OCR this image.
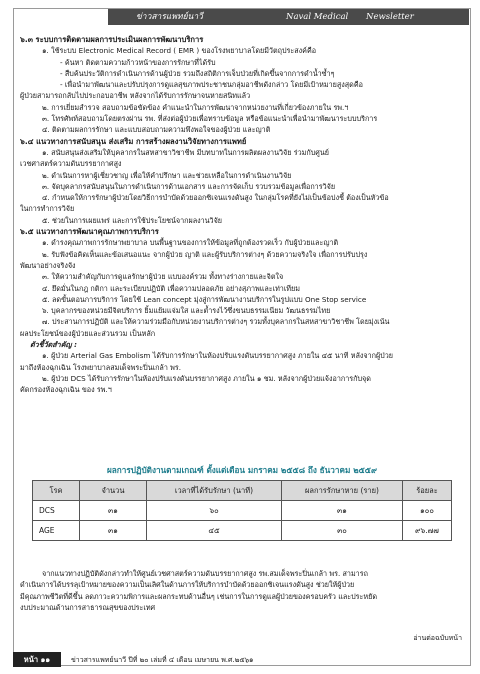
ข่าวสารแพทย์นาวี	Naval Medical Newsletter
๖.๓ ระบบการติดตามผลการประเมินผลการพัฒนาบริการ
๑. ใช้ระบบ Electronic Medical Record ( EMR ) ของโรงพยาบาลโดยมีวัตถุประสงค์คือ
- ค้นหา ติดตามความก้าวหน้าของการรักษาที่ได้รับ
- สืบค้นประวัติการดำเนินการด้านผู้ป่วย รวมถึงสถิติการเจ็บป่วยที่เกิดขึ้นจากการดำน้ำซ้ำๆ
- เพื่อนำมาพัฒนาและปรับปรุงการดูแลสุขภาพประชาชนกลุ่มอาชีพดังกล่าว โดยมีเป้าหมายสูงสุดคือ
ผู้ป่วยสามารถกลับไปประกอบอาชีพ หลังจากได้รับการรักษาจนหายสนิทแล้ว
๒. การเยี่ยมสำรวจ สอบถามข้อขัดข้อง คำแนะนำในการพัฒนาจากหน่วยงานที่เกี่ยวข้องภายใน รพ.ฯ
๓. โทรศัพท์สอบถามโดยตรงผ่าน รพ. ที่ส่งต่อผู้ป่วยเพื่อทราบข้อมูล หรือข้อแนะนำเพื่อนำมาพัฒนาระบบบริการ
๔. ติดตามผลการรักษา และแบบสอบถามความพึงพอใจของผู้ป่วย และญาติ
๖.๔ แนวทางการสนับสนุน ส่งเสริม การสร้างผลงานวิจัยทางการแพทย์
๑. สนับสนุนส่งเสริมให้บุคลากรในสหสาขาวิชาชีพ มีบทบาทในการผลิตผลงานวิจัย ร่วมกับศูนย์
เวชศาสตร์ความดันบรรยากาศสูง
๒. ดำเนินการหาผู้เชี่ยวชาญ เพื่อให้คำปรึกษา และช่วยเหลือในการดำเนินงานวิจัย
๓. จัดบุคลากรสนับสนุนในการดำเนินการด้านเอกสาร และการจัดเก็บ รวบรวมข้อมูลเพื่อการวิจัย
๔. กำหนดให้การรักษาผู้ป่วยโดยวิธีการบำบัดด้วยออกซิเจนแรงดันสูง ในกลุ่มโรคที่ยังไม่เป็นข้อบ่งชี้ ต้องเป็นหัวข้อ
ในการทำการวิจัย
๕. ช่วยในการเผยแพร่ และการใช้ประโยชน์จากผลงานวิจัย
๖.๕ แนวทางการพัฒนาคุณภาพการบริการ
๑. ดำรงคุณภาพการรักษาพยาบาล บนพื้นฐานของการให้ข้อมูลที่ถูกต้องรวดเร็ว กับผู้ป่วยและญาติ
๒. รับฟังข้อคิดเห็นและข้อเสนอแนะ จากผู้ป่วย ญาติ และผู้รับบริการต่างๆ ด้วยความจริงใจ เพื่อการปรับปรุง
พัฒนาอย่างจริงจัง
๓. ให้ความสำคัญกับการดูแลรักษาผู้ป่วย แบบองค์รวม ทั้งทางร่างกายและจิตใจ
๔. ยึดมั่นในกฎ กติกา และระเบียบปฏิบัติ เพื่อความปลอดภัย อย่างสุภาพและเท่าเทียม
๕. ลดขั้นตอนการบริการ โดยใช้ Lean concept มุ่งสู่การพัฒนางานบริการในรูปแบบ One Stop service
๖. บุคลากรของหน่วยมีจิตบริการ ยิ้มแย้มแจ่มใส และต้ำรงไว้ซึ่งขนบธรรมเนียม วัฒนธรรมไทย
๗. ประสานการปฏิบัติ และให้ความร่วมมือกับหน่วยงานบริการต่างๆ รวมทั้งบุคลากรในสหสาขาวิชาชีพ โดยมุ่งเน้น
ผลประโยชน์ของผู้ป่วยและส่วนรวม เป็นหลัก
ตัวชี้วัดสำคัญ :
๑. ผู้ป่วย Arterial Gas Embolism ได้รับการรักษาในห้องปรับแรงดันบรรยากาศสูง ภายใน ๔๕ นาที หลังจากผู้ป่วย
มาถึงห้องฉุกเฉิน โรงพยาบาลสมเด็จพระปิ่นเกล้า พร.
๒. ผู้ป่วย DCS ได้รับการรักษาในห้องปรับแรงดันบรรยากาศสูง ภายใน ๑ ชม. หลังจากผู้ป่วยแจ้งอาการกับจุด
คัดกรองห้องฉุกเฉิน ของ รพ.ฯ
ผลการปฏิบัติงานตามเกณฑ์ ตั้งแต่เดือน มกราคม ๒๕๕๘ ถึง ธันวาคม ๒๕๕๙
โรค	จำนวน	เวลาที่ได้รับรักษา (นาที)	ผลการรักษาหาย (ราย)	ร้อยละ
DCS	๓๑	๖๐	๓๑	๑๐๐
AGE	๓๑	๔๕	๓๐	๙๖.๗๗
จากแนวทางปฏิบัติดังกล่าวทำให้ศูนย์เวชศาสตร์ความดันบรรยากาศสูง รพ.สมเด็จพระปิ่นเกล้า พร. สามารถ
ดำเนินการได้บรรลุเป้าหมายของความเป็นเลิศในด้านการให้บริการบำบัดด้วยออกซิเจนแรงดันสูง ช่วยให้ผู้ป่วย
มีคุณภาพชีวิตที่ดีขึ้น ลดภาวะความพิการและผลกระทบด้านอื่นๆ เช่นการในการดูแลผู้ป่วยของครอบครัว และประหยัด
งบประมาณด้านการสาธารณสุขของประเทศ
อ่านต่อฉบับหน้า
หน้า ๑๑	ข่าวสารแพทย์นาวี ปีที่ ๒๐ เล่มที่ ๔ เดือน เมษายน พ.ศ.๒๕๖๑
